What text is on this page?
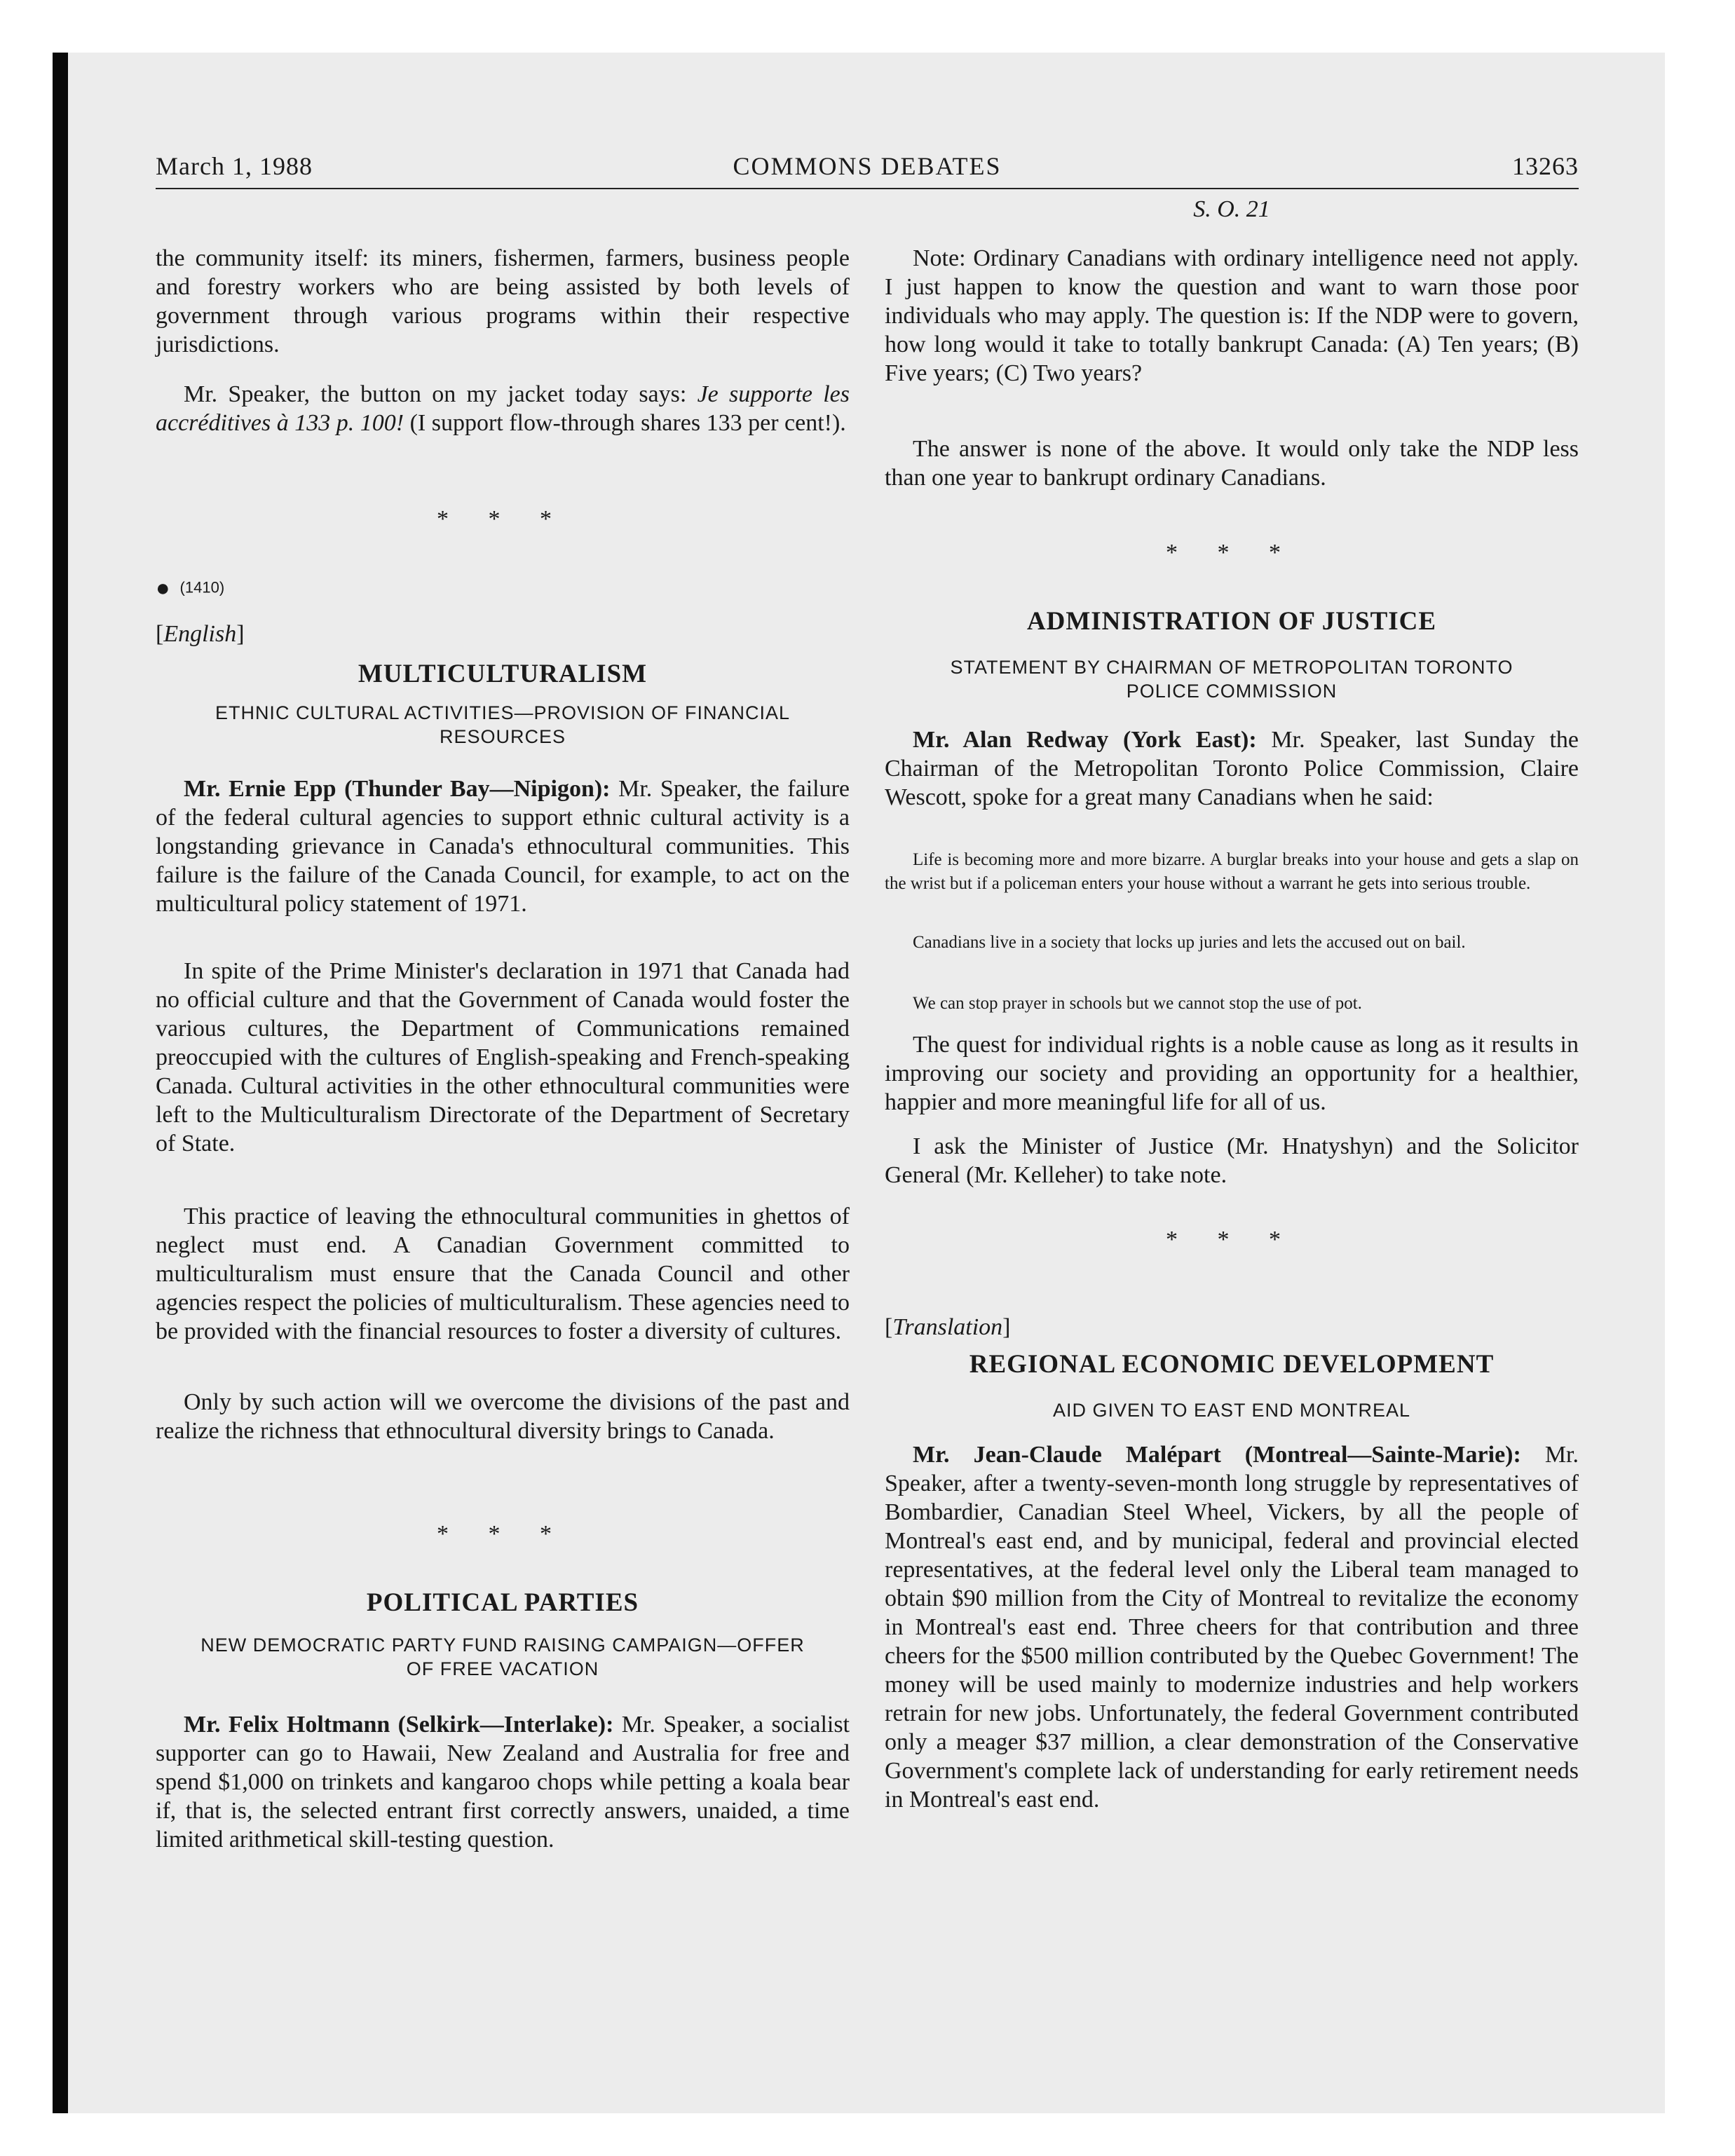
March 1, 1988	COMMONS DEBATES	13263

the community itself: its miners, fishermen, farmers, business people and forestry workers who are being assisted by both levels of government through various programs within their respective jurisdictions.

Mr. Speaker, the button on my jacket today says: Je supporte les accréditives à 133 p. 100! (I support flow-through shares 133 per cent!).

* * *

● (1410)

[English]

MULTICULTURALISM

ETHNIC CULTURAL ACTIVITIES—PROVISION OF FINANCIAL RESOURCES

Mr. Ernie Epp (Thunder Bay—Nipigon): Mr. Speaker, the failure of the federal cultural agencies to support ethnic cultural activity is a longstanding grievance in Canada's ethnocultural communities. This failure is the failure of the Canada Council, for example, to act on the multicultural policy statement of 1971.

In spite of the Prime Minister's declaration in 1971 that Canada had no official culture and that the Government of Canada would foster the various cultures, the Department of Communications remained preoccupied with the cultures of English-speaking and French-speaking Canada. Cultural activities in the other ethnocultural communities were left to the Multiculturalism Directorate of the Department of Secretary of State.

This practice of leaving the ethnocultural communities in ghettos of neglect must end. A Canadian Government committed to multiculturalism must ensure that the Canada Council and other agencies respect the policies of multiculturalism. These agencies need to be provided with the financial resources to foster a diversity of cultures.

Only by such action will we overcome the divisions of the past and realize the richness that ethnocultural diversity brings to Canada.

* * *

POLITICAL PARTIES

NEW DEMOCRATIC PARTY FUND RAISING CAMPAIGN—OFFER OF FREE VACATION

Mr. Felix Holtmann (Selkirk—Interlake): Mr. Speaker, a socialist supporter can go to Hawaii, New Zealand and Australia for free and spend $1,000 on trinkets and kangaroo chops while petting a koala bear if, that is, the selected entrant first correctly answers, unaided, a time limited arithmetical skill-testing question.

S. O. 21

Note: Ordinary Canadians with ordinary intelligence need not apply. I just happen to know the question and want to warn those poor individuals who may apply. The question is: If the NDP were to govern, how long would it take to totally bankrupt Canada: (A) Ten years; (B) Five years; (C) Two years?

The answer is none of the above. It would only take the NDP less than one year to bankrupt ordinary Canadians.

* * *

ADMINISTRATION OF JUSTICE

STATEMENT BY CHAIRMAN OF METROPOLITAN TORONTO POLICE COMMISSION

Mr. Alan Redway (York East): Mr. Speaker, last Sunday the Chairman of the Metropolitan Toronto Police Commission, Claire Wescott, spoke for a great many Canadians when he said:

Life is becoming more and more bizarre. A burglar breaks into your house and gets a slap on the wrist but if a policeman enters your house without a warrant he gets into serious trouble.

Canadians live in a society that locks up juries and lets the accused out on bail.

We can stop prayer in schools but we cannot stop the use of pot.

The quest for individual rights is a noble cause as long as it results in improving our society and providing an opportunity for a healthier, happier and more meaningful life for all of us.

I ask the Minister of Justice (Mr. Hnatyshyn) and the Solicitor General (Mr. Kelleher) to take note.

* * *

[Translation]

REGIONAL ECONOMIC DEVELOPMENT

AID GIVEN TO EAST END MONTREAL

Mr. Jean-Claude Malépart (Montreal—Sainte-Marie): Mr. Speaker, after a twenty-seven-month long struggle by representatives of Bombardier, Canadian Steel Wheel, Vickers, by all the people of Montreal's east end, and by municipal, federal and provincial elected representatives, at the federal level only the Liberal team managed to obtain $90 million from the City of Montreal to revitalize the economy in Montreal's east end. Three cheers for that contribution and three cheers for the $500 million contributed by the Quebec Government! The money will be used mainly to modernize industries and help workers retrain for new jobs. Unfortunately, the federal Government contributed only a meager $37 million, a clear demonstration of the Conservative Government's complete lack of understanding for early retirement needs in Montreal's east end.
